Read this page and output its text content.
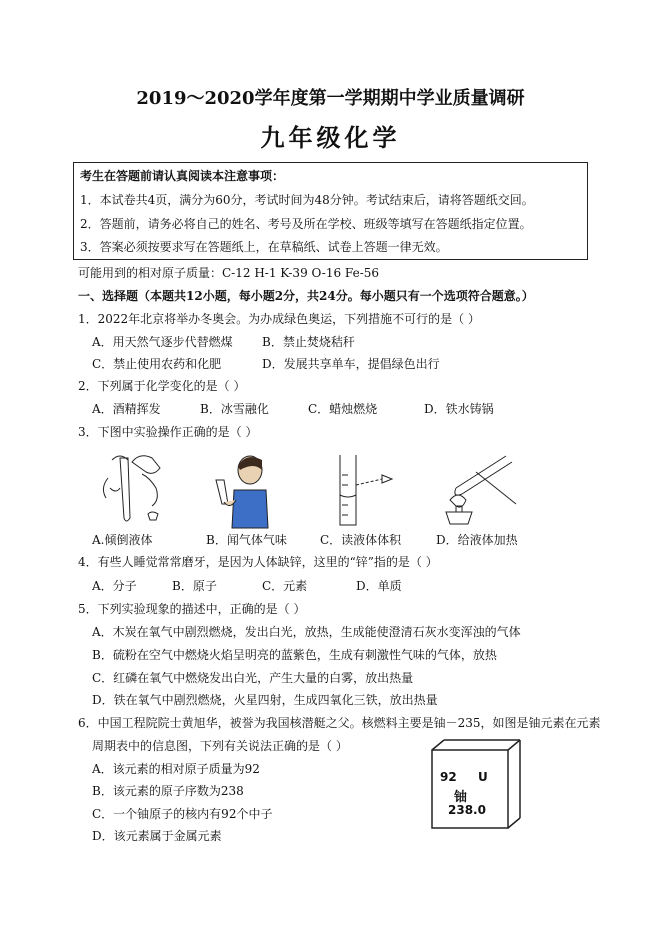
2019～2020学年度第一学期期中学业质量调研
九年级化学
考生在答题前请认真阅读本注意事项：
1．本试卷共4页，满分为60分，考试时间为48分钟。考试结束后，请将答题纸交回。
2．答题前，请务必将自己的姓名、考号及所在学校、班级等填写在答题纸指定位置。
3．答案必须按要求写在答题纸上，在草稿纸、试卷上答题一律无效。
可能用到的相对原子质量：C-12 H-1 K-39 O-16 Fe-56
一、选择题（本题共12小题，每小题2分，共24分。每小题只有一个选项符合题意。）
1．2022年北京将举办冬奥会。为办成绿色奥运，下列措施不可行的是（ ）
A．用天然气逐步代替燃煤 B．禁止焚烧秸秆
C．禁止使用农药和化肥	D．发展共享单车，提倡绿色出行
2．下列属于化学变化的是（ ）
A．酒精挥发	B．冰雪融化	C．蜡烛燃烧	D．铁水铸锅
3．下图中实验操作正确的是（ ）
A.倾倒液体	B．闻气体气味	C．读液体体积	D．给液体加热
4．有些人睡觉常常磨牙，是因为人体缺锌，这里的“锌”指的是（ ）
A．分子	B．原子	C．元素	D．单质
5．下列实验现象的描述中，正确的是（ ）
A．木炭在氧气中剧烈燃烧，发出白光，放热，生成能使澄清石灰水变浑浊的气体
B．硫粉在空气中燃烧火焰呈明亮的蓝紫色，生成有刺激性气味的气体，放热
C．红磷在氧气中燃烧发出白光，产生大量的白雾，放出热量
D．铁在氧气中剧烈燃烧，火星四射，生成四氧化三铁，放出热量
6．中国工程院院士黄旭华，被誉为我国核潜艇之父。核燃料主要是铀－235，如图是铀元素在元素
周期表中的信息图，下列有关说法正确的是（ ）
A．该元素的相对原子质量为92
B．该元素的原子序数为238
C．一个铀原子的核内有92个中子
D．该元素属于金属元素
92 U
铀
238.0
